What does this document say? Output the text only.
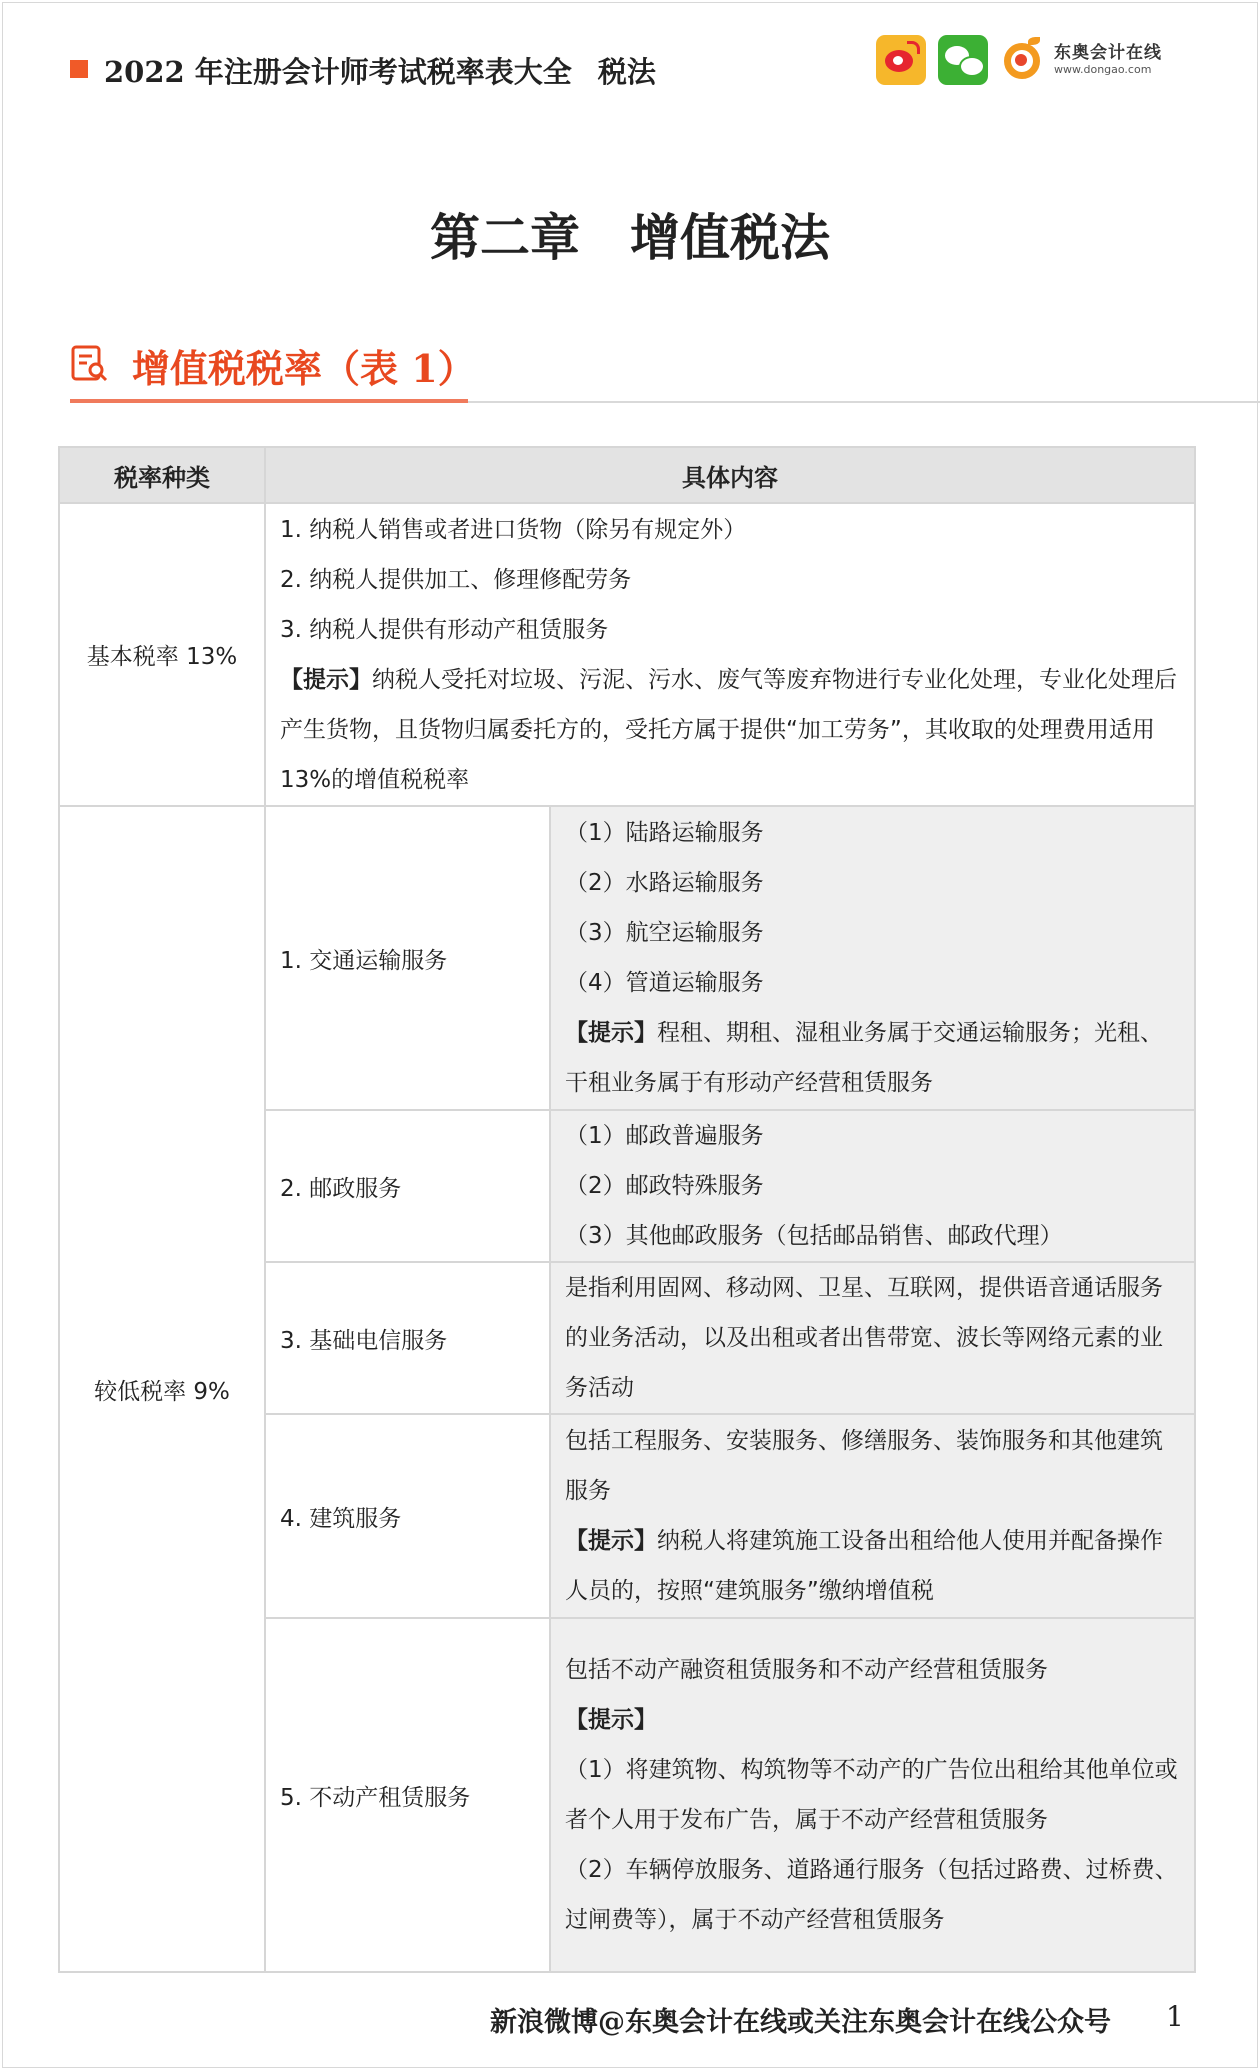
2022 年注册会计师考试税率表大全 税法
东奥会计在线
www.dongao.com
第二章　增值税法
增值税税率（表 1）
税率种类	具体内容	
基本税率 13%	1. 纳税人销售或者进口货物（除另有规定外）
2. 纳税人提供加工、修理修配劳务
3. 纳税人提供有形动产租赁服务
【提示】纳税人受托对垃圾、污泥、污水、废气等废弃物进行专业化处理，专业化处理后产生货物，且货物归属委托方的，受托方属于提供“加工劳务”，其收取的处理费用适用 13%的增值税税率	

较低税率 9%	1. 交通运输服务	（1）陆路运输服务
（2）水路运输服务
（3）航空运输服务
（4）管道运输服务
【提示】程租、期租、湿租业务属于交通运输服务；光租、干租业务属于有形动产经营租赁服务

	2. 邮政服务	（1）邮政普遍服务
（2）邮政特殊服务
（3）其他邮政服务（包括邮品销售、邮政代理）

	3. 基础电信服务	是指利用固网、移动网、卫星、互联网，提供语音通话服务的业务活动，以及出租或者出售带宽、波长等网络元素的业务活动

	4. 建筑服务	包括工程服务、安装服务、修缮服务、装饰服务和其他建筑服务
【提示】纳税人将建筑施工设备出租给他人使用并配备操作人员的，按照“建筑服务”缴纳增值税

	5. 不动产租赁服务	包括不动产融资租赁服务和不动产经营租赁服务
【提示】
（1）将建筑物、构筑物等不动产的广告位出租给其他单位或者个人用于发布广告，属于不动产经营租赁服务
（2）车辆停放服务、道路通行服务（包括过路费、过桥费、过闸费等），属于不动产经营租赁服务
新浪微博@东奥会计在线或关注东奥会计在线公众号 1
